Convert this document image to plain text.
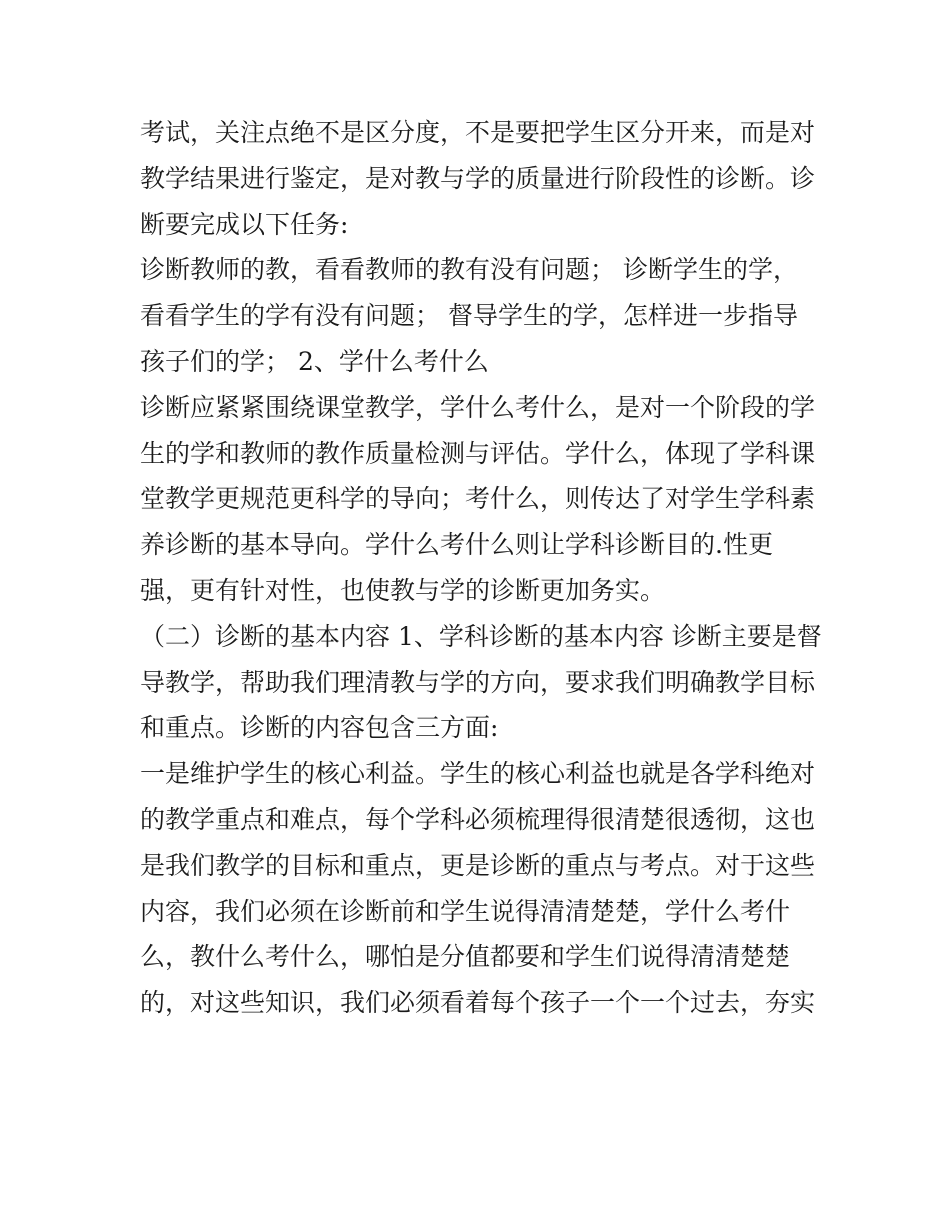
考试，关注点绝不是区分度，不是要把学生区分开来，而是对
教学结果进行鉴定，是对教与学的质量进行阶段性的诊断。诊
断要完成以下任务:
诊断教师的教，看看教师的教有没有问题； 诊断学生的学，
看看学生的学有没有问题； 督导学生的学，怎样进一步指导
孩子们的学； 2、学什么考什么
诊断应紧紧围绕课堂教学，学什么考什么，是对一个阶段的学
生的学和教师的教作质量检测与评估。学什么，体现了学科课
堂教学更规范更科学的导向；考什么，则传达了对学生学科素
养诊断的基本导向。学什么考什么则让学科诊断目的.性更
强，更有针对性，也使教与学的诊断更加务实。
（二）诊断的基本内容 1、学科诊断的基本内容 诊断主要是督
导教学，帮助我们理清教与学的方向，要求我们明确教学目标
和重点。诊断的内容包含三方面:
一是维护学生的核心利益。学生的核心利益也就是各学科绝对
的教学重点和难点，每个学科必须梳理得很清楚很透彻，这也
是我们教学的目标和重点，更是诊断的重点与考点。对于这些
内容，我们必须在诊断前和学生说得清清楚楚，学什么考什
么，教什么考什么，哪怕是分值都要和学生们说得清清楚楚
的，对这些知识，我们必须看着每个孩子一个一个过去，夯实
